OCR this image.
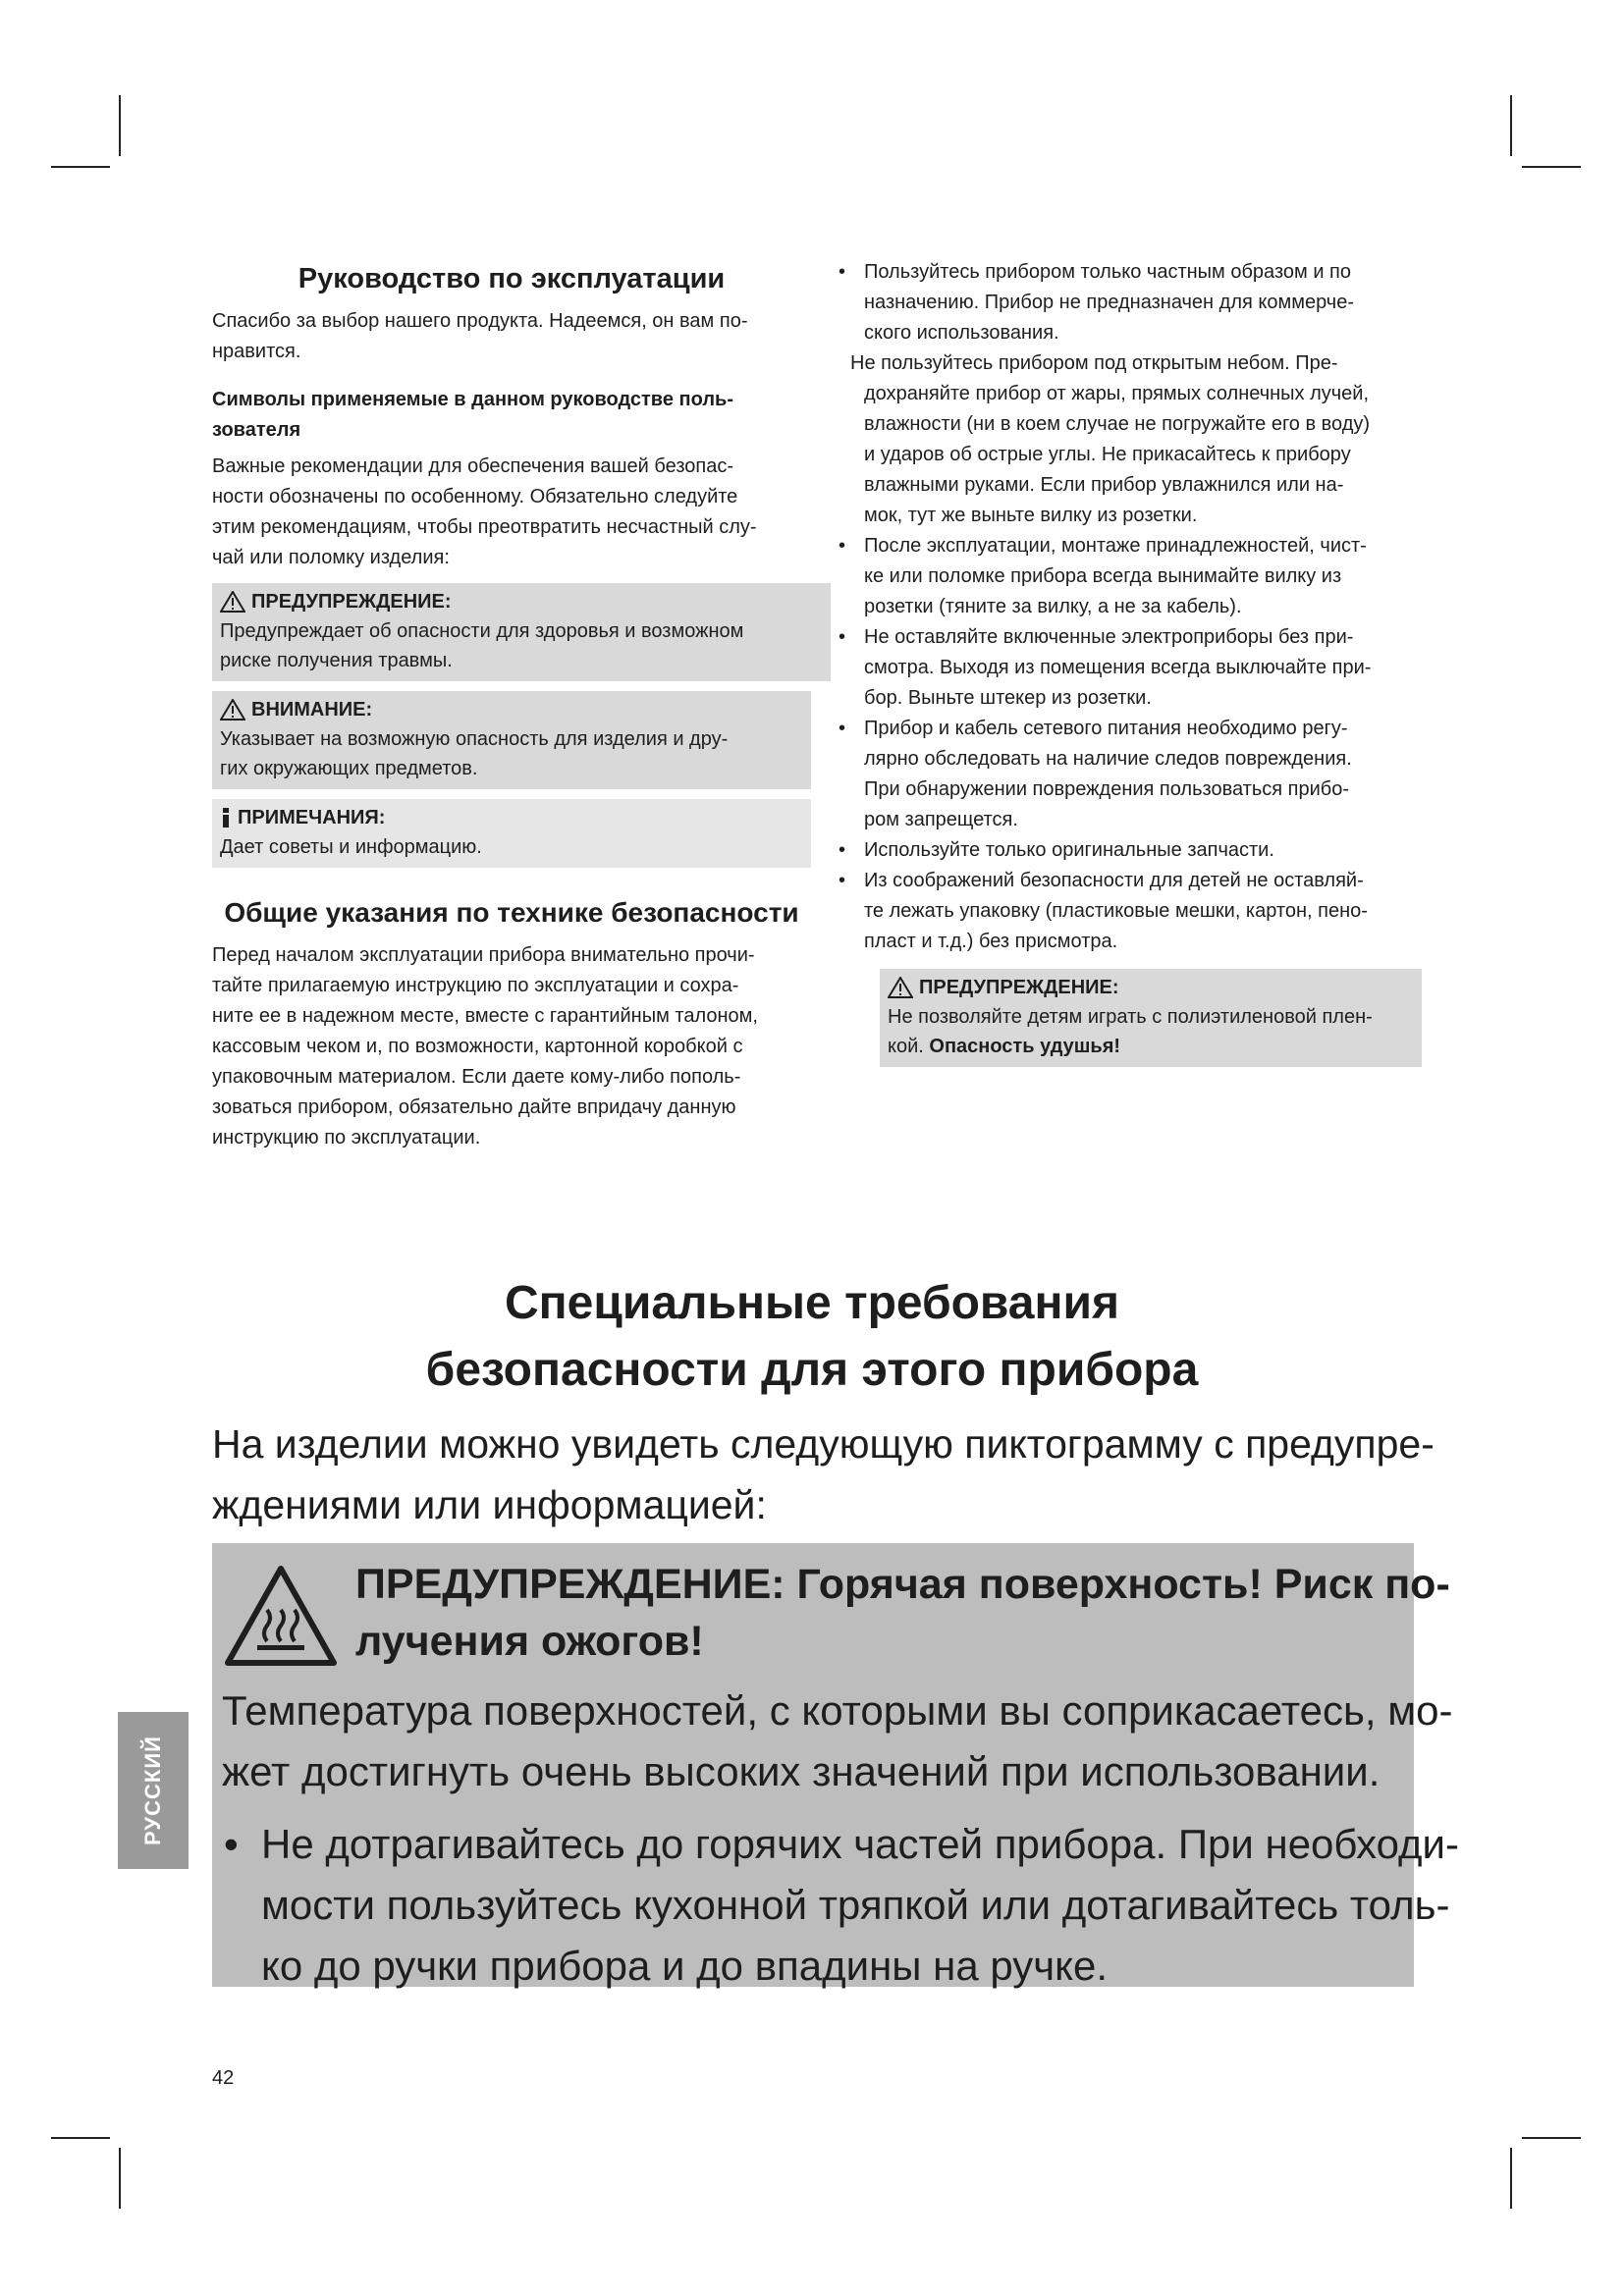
Руководство по эксплуатации

Спасибо за выбор нашего продукта. Надеемся, он вам по-

нравится.

Символы применяемые в данном руководстве поль-

зователя

Важные рекомендации для обеспечения вашей безопас-

ности обозначены по особенному. Обязательно следуйте

этим рекомендациям, чтобы преотвратить несчастный слу-

чай или поломку изделия:

ПРЕДУПРЕЖДЕНИЕ:
Предупреждает об опасности для здоровья и возможном
риске получения травмы.
ВНИМАНИЕ:
Указывает на возможную опасность для изделия и дру-
гих окружающих предметов.
ПРИМЕЧАНИЯ:
Дает советы и информацию.
Общие указания по технике безопасности

Перед началом эксплуатации прибора внимательно прочи-

тайте прилагаемую инструкцию по эксплуатации и сохра-

ните ее в надежном месте, вместе с гарантийным талоном,

кассовым чеком и, по возможности, картонной коробкой с

упаковочным материалом. Если даете кому-либо пополь-

зоваться прибором, обязательно дайте впридачу данную

инструкцию по эксплуатации.

• Пользуйтесь прибором только частным образом и по
назначению. Прибор не предназначен для коммерче-
ского использования.
Не пользуйтесь прибором под открытым небом. Пре-
дохраняйте прибор от жары, прямых солнечных лучей,
влажности (ни в коем случае не погружайте его в воду)
и ударов об острые углы. Не прикасайтесь к прибору
влажными руками. Если прибор увлажнился или на-
мок, тут же выньте вилку из розетки.
• После эксплуатации, монтаже принадлежностей, чист-
ке или поломке прибора всегда вынимайте вилку из
розетки (тяните за вилку, а не за кабель).
• Не оставляйте включенные электроприборы без при-
смотра. Выходя из помещения всегда выключайте при-
бор. Выньте штекер из розетки.
• Прибор и кабель сетевого питания необходимо регу-
лярно обследовать на наличие следов повреждения.
При обнаружении повреждения пользоваться прибо-
ром запрещется.
• Используйте только оригинальные запчасти.
• Из соображений безопасности для детей не оставляй-
те лежать упаковку (пластиковые мешки, картон, пено-
пласт и т.д.) без присмотра.
ПРЕДУПРЕЖДЕНИЕ:
Не позволяйте детям играть с полиэтиленовой плен-
кой. Опасность удушья!
Специальные требования
безопасности для этого прибора
На изделии можно увидеть следующую пиктограмму с предупре-
ждениями или информацией:
ПРЕДУПРЕЖДЕНИЕ: Горячая поверхность! Риск по-
лучения ожогов!
Температура поверхностей, с которыми вы соприкасаетесь, мо-
жет достигнуть очень высоких значений при использовании.
• Не дотрагивайтесь до горячих частей прибора. При необходи-
мости пользуйтесь кухонной тряпкой или дотагивайтесь толь-
ко до ручки прибора и до впадины на ручке.
РУССКИЙ
42
